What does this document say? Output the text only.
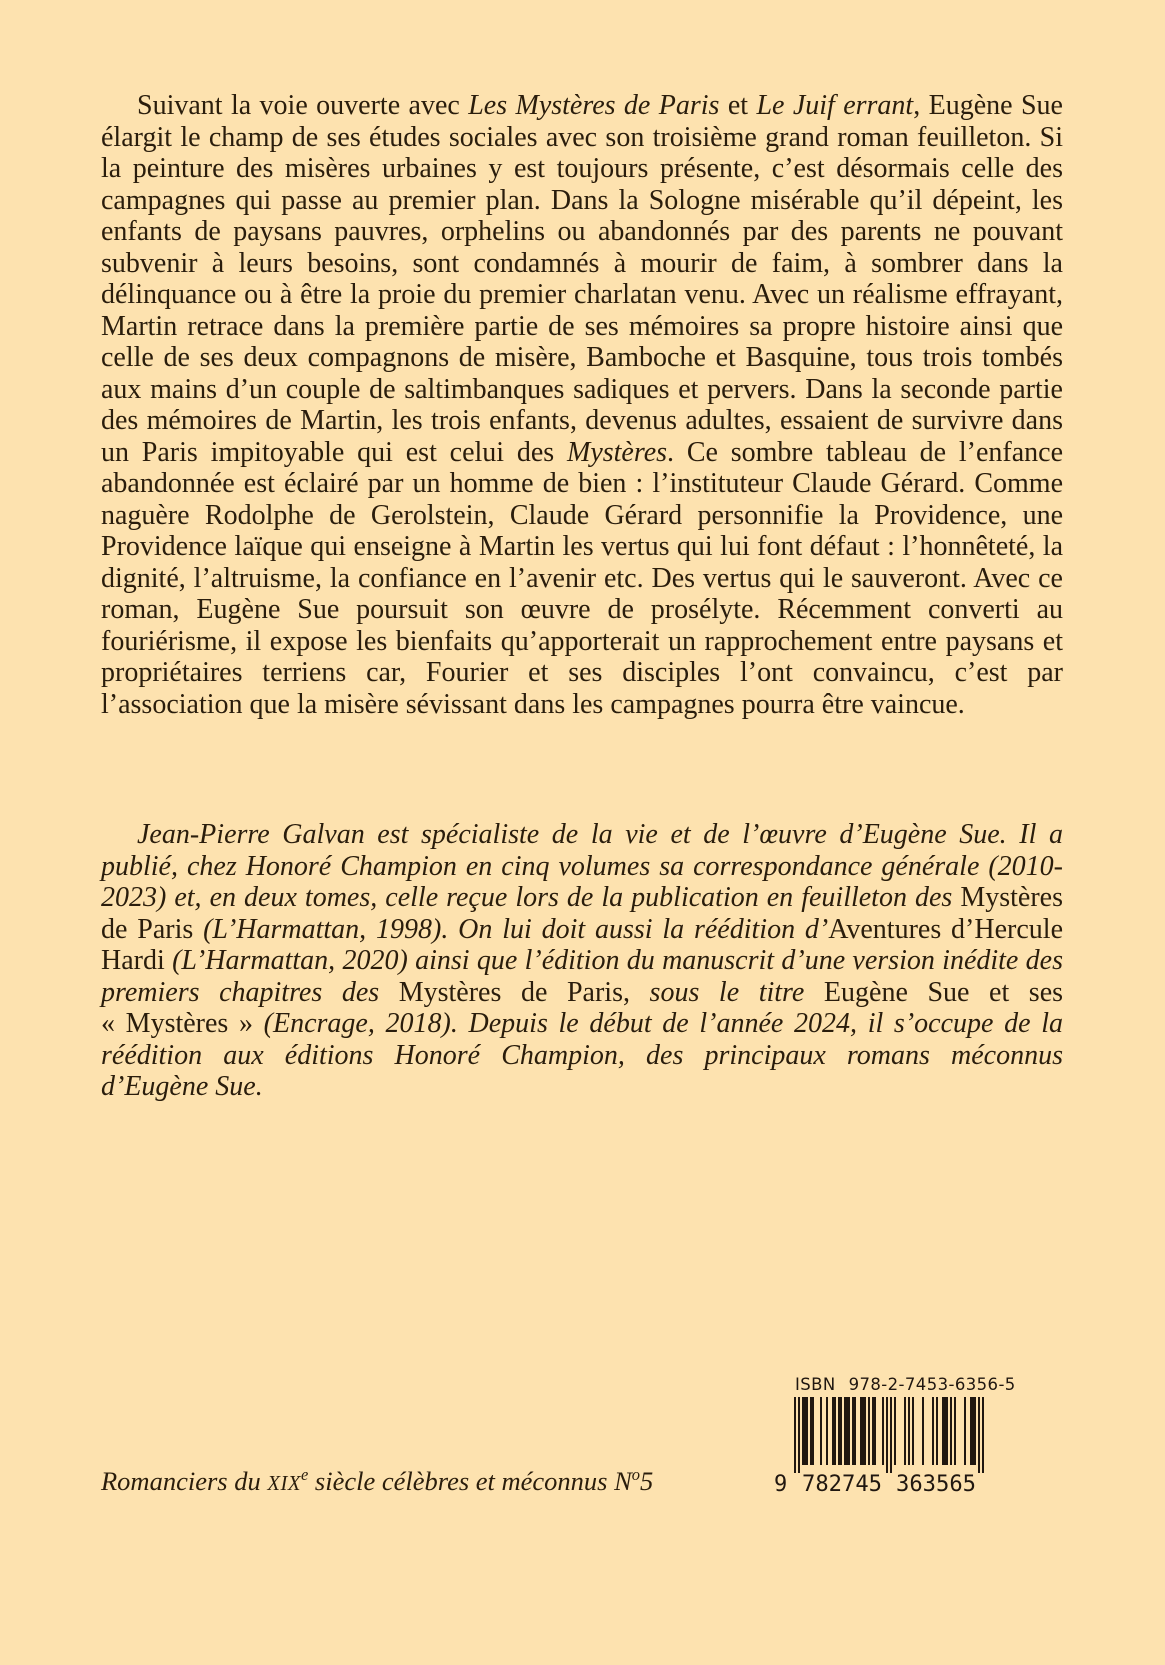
Suivant la voie ouverte avec Les Mystères de Paris et Le Juif errant, Eugène Sue élargit le champ de ses études sociales avec son troisième grand roman feuilleton. Si la peinture des misères urbaines y est toujours présente, c’est désormais celle des campagnes qui passe au premier plan. Dans la Sologne misérable qu’il dépeint, les enfants de paysans pauvres, orphelins ou abandonnés par des parents ne pouvant subvenir à leurs besoins, sont condamnés à mourir de faim, à sombrer dans la délinquance ou à être la proie du premier charlatan venu. Avec un réalisme effrayant, Martin retrace dans la première partie de ses mémoires sa propre histoire ainsi que celle de ses deux compagnons de misère, Bamboche et Basquine, tous trois tombés aux mains d’un couple de saltimbanques sadiques et pervers. Dans la seconde partie des mémoires de Martin, les trois enfants, devenus adultes, essaient de survivre dans un Paris impitoyable qui est celui des Mystères. Ce sombre tableau de l’enfance abandonnée est éclairé par un homme de bien : l’instituteur Claude Gérard. Comme naguère Rodolphe de Gerolstein, Claude Gérard personnifie la Providence, une Providence laïque qui enseigne à Martin les vertus qui lui font défaut : l’honnêteté, la dignité, l’altruisme, la confiance en l’avenir etc. Des vertus qui le sauveront. Avec ce roman, Eugène Sue poursuit son œuvre de prosélyte. Récemment converti au fouriérisme, il expose les bienfaits qu’apporterait un rapprochement entre paysans et propriétaires terriens car, Fourier et ses disciples l’ont convaincu, c’est par l’association que la misère sévissant dans les campagnes pourra être vaincue.

Jean-Pierre Galvan est spécialiste de la vie et de l’œuvre d’Eugène Sue. Il a publié, chez Honoré Champion en cinq volumes sa correspondance générale (2010-2023) et, en deux tomes, celle reçue lors de la publication en feuilleton des Mystères de Paris (L’Harmattan, 1998). On lui doit aussi la réédition d’Aventures d’Hercule Hardi (L’Harmattan, 2020) ainsi que l’édition du manuscrit d’une version inédite des premiers chapitres des Mystères de Paris, sous le titre Eugène Sue et ses « Mystères » (Encrage, 2018). Depuis le début de l’année 2024, il s’occupe de la réédition aux éditions Honoré Champion, des principaux romans méconnus d’Eugène Sue.

Romanciers du XIXe siècle célèbres et méconnus $N^o5$
ISBN 978-2-7453-6356-5
9 782745 363565
